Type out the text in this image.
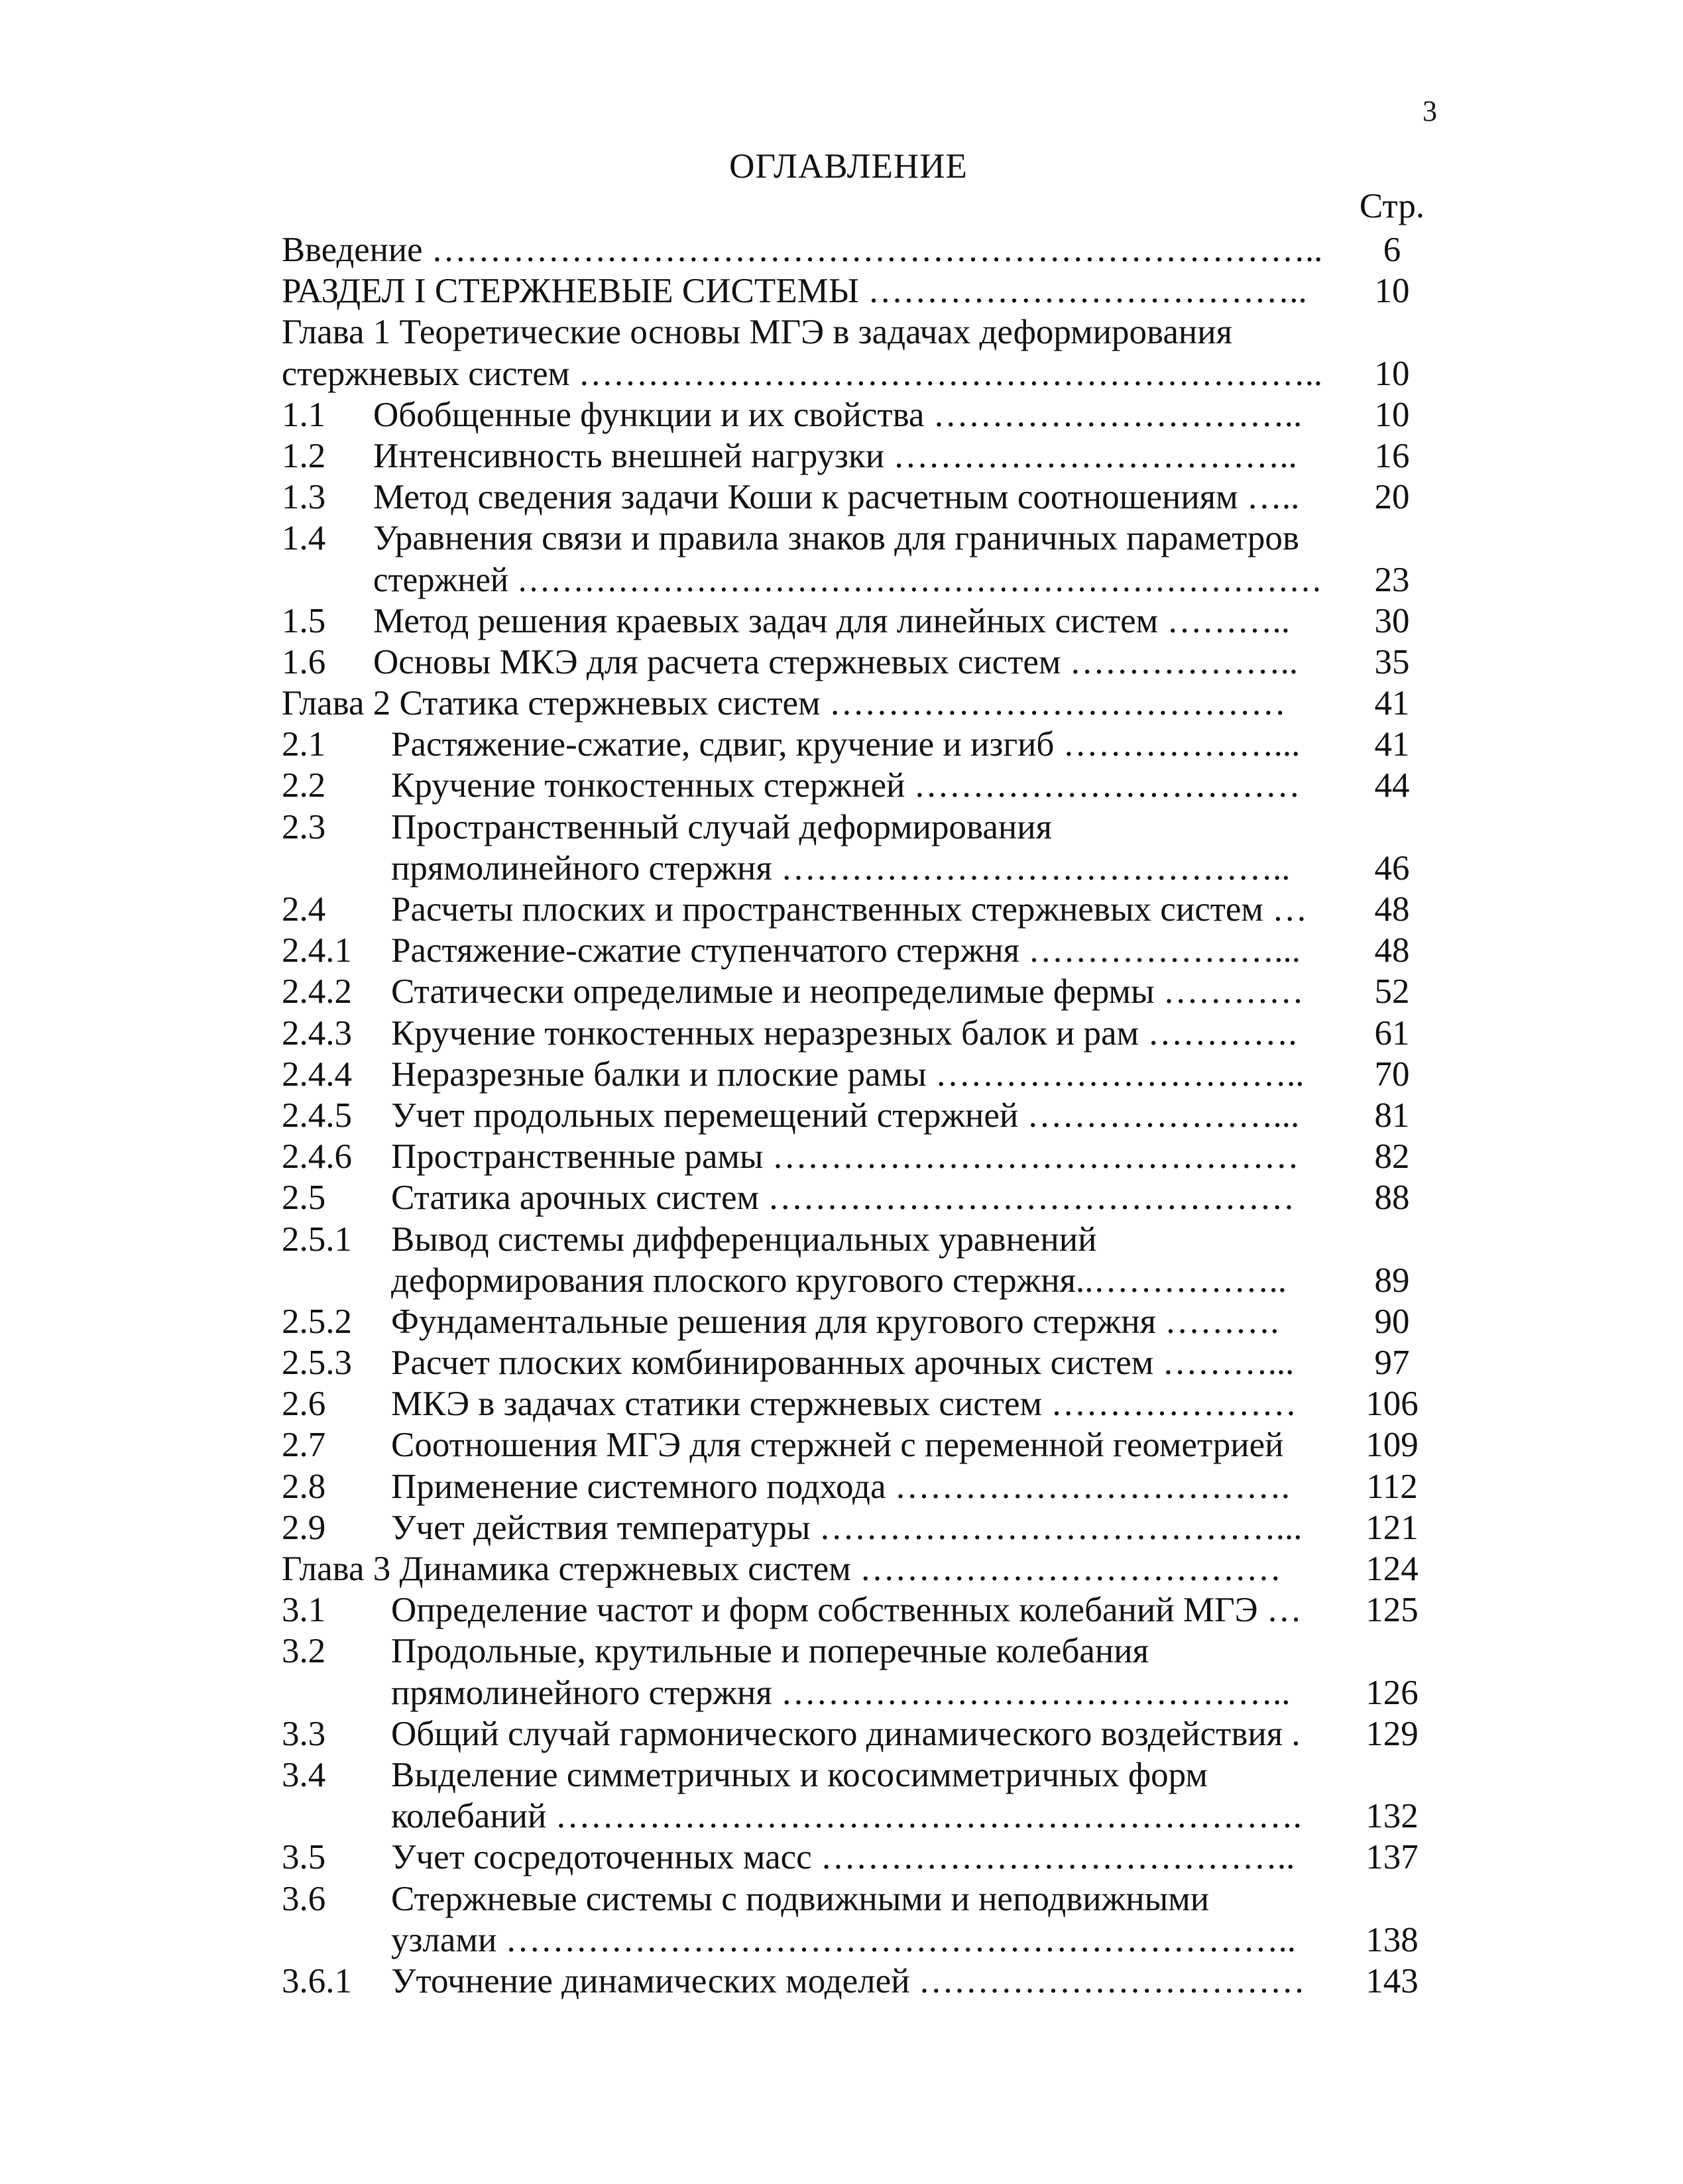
3
ОГЛАВЛЕНИЕ
Стр.
Введение …………………………………………………………………..	6
РАЗДЕЛ I СТЕРЖНЕВЫЕ СИСТЕМЫ ………………………………..	10
Глава 1 Теоретические основы МГЭ в задачах деформирования
стержневых систем ………………………………………………………..	10
1.1 Обобщенные функции и их свойства …………………………..	10
1.2 Интенсивность внешней нагрузки ……………………………..	16
1.3 Метод сведения задачи Коши к расчетным соотношениям …..	20
1.4 Уравнения связи и правила знаков для граничных параметров
стержней ………………………………………………………………	23
1.5 Метод решения краевых задач для линейных систем ………..	30
1.6 Основы МКЭ для расчета стержневых систем ………………..	35
Глава 2 Статика стержневых систем …………………………………	41
2.1 Растяжение-сжатие, сдвиг, кручение и изгиб ………………...	41
2.2 Кручение тонкостенных стержней ……………………………	44
2.3 Пространственный случай деформирования
прямолинейного стержня ……………………………………..	46
2.4 Расчеты плоских и пространственных стержневых систем …	48
2.4.1 Растяжение-сжатие ступенчатого стержня …………………...	48
2.4.2 Статически определимые и неопределимые фермы …………	52
2.4.3 Кручение тонкостенных неразрезных балок и рам ………….	61
2.4.4 Неразрезные балки и плоские рамы …………………………..	70
2.4.5 Учет продольных перемещений стержней …………………...	81
2.4.6 Пространственные рамы ………………………………………	82
2.5 Статика арочных систем ………………………………………	88
2.5.1 Вывод системы дифференциальных уравнений
деформирования плоского кругового стержня..……………..	89
2.5.2 Фундаментальные решения для кругового стержня ……….	90
2.5.3 Расчет плоских комбинированных арочных систем ………...	97
2.6 МКЭ в задачах статики стержневых систем …………………	106
2.7 Соотношения МГЭ для стержней с переменной геометрией	109
2.8 Применение системного подхода …………………………….	112
2.9 Учет действия температуры …………………………………...	121
Глава 3 Динамика стержневых систем ………………………………	124
3.1 Определение частот и форм собственных колебаний МГЭ …	125
3.2 Продольные, крутильные и поперечные колебания
прямолинейного стержня ……………………………………..	126
3.3 Общий случай гармонического динамического воздействия .	129
3.4 Выделение симметричных и кососимметричных форм
колебаний ……………………………………………………….	132
3.5 Учет сосредоточенных масс …………………………………..	137
3.6 Стержневые системы с подвижными и неподвижными
узлами …………………………………………………………..	138
3.6.1 Уточнение динамических моделей ……………………………	143
